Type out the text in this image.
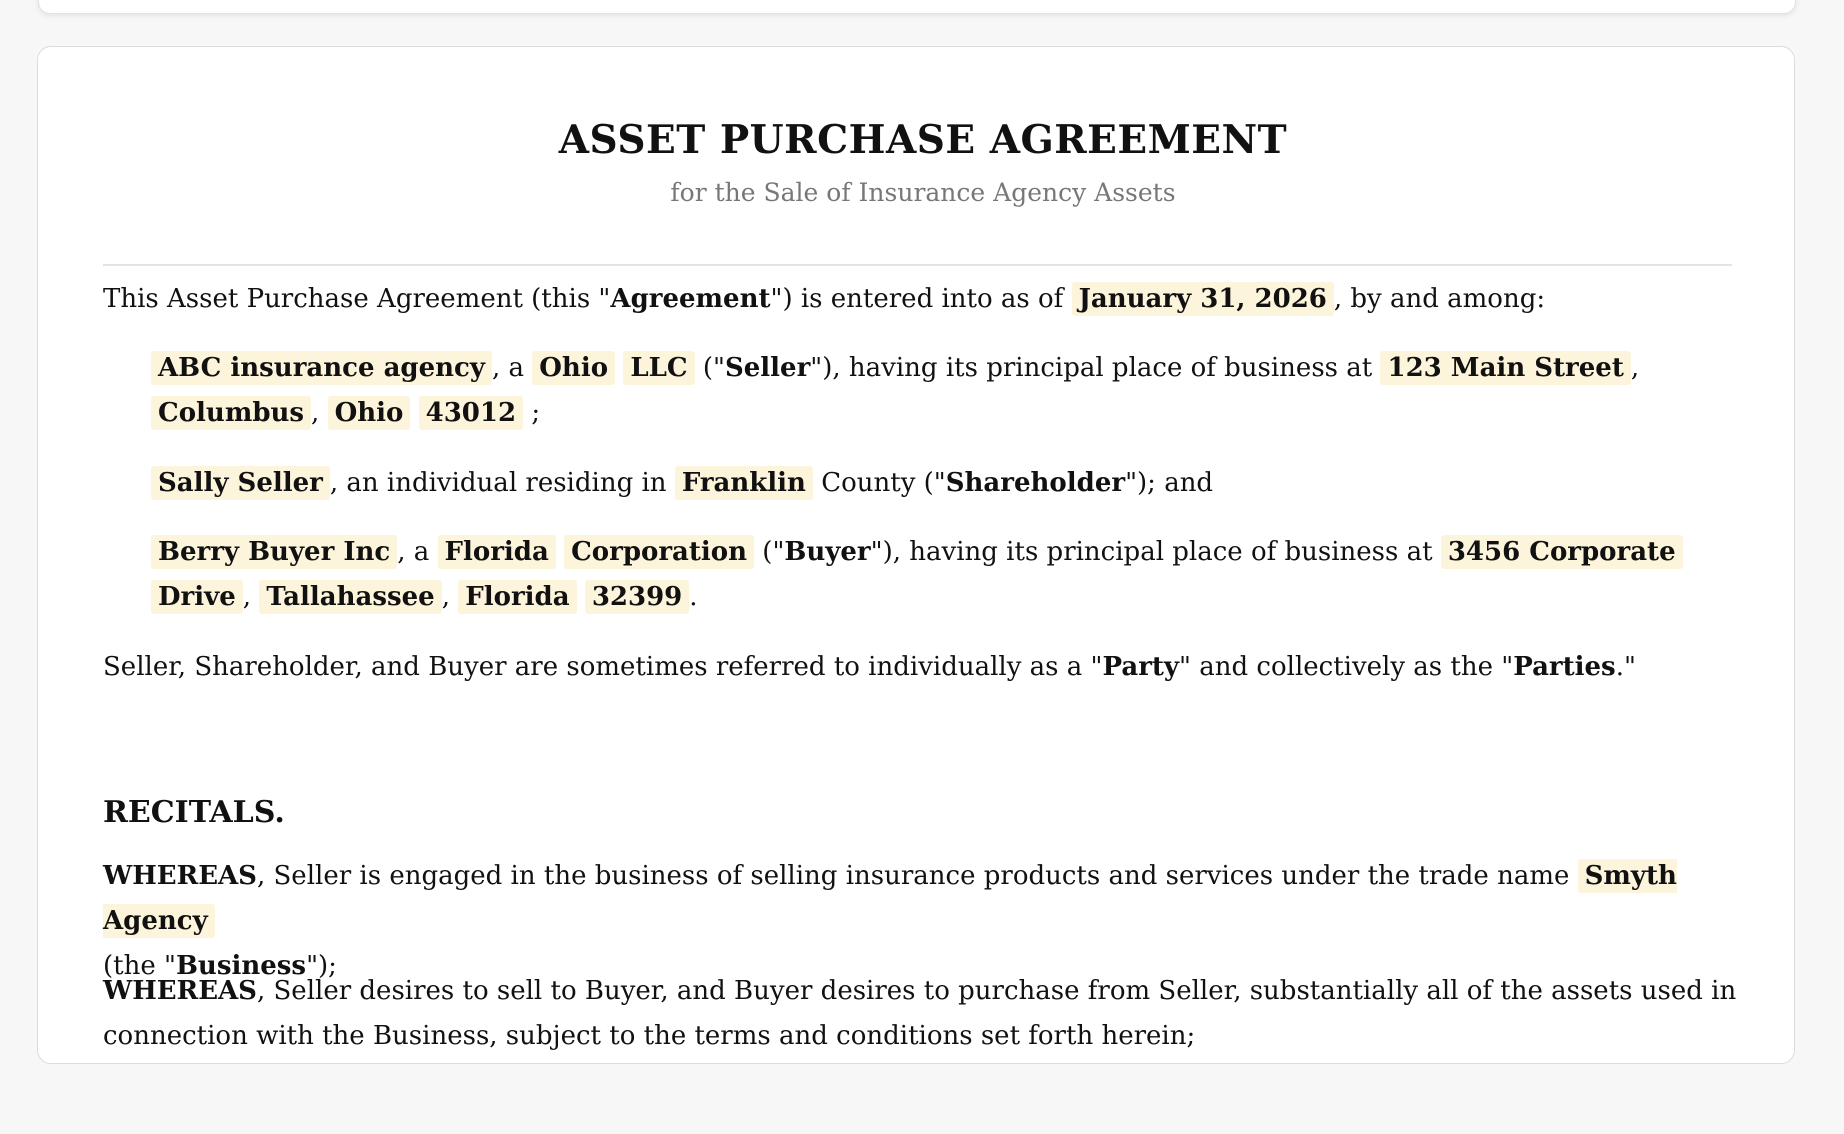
ASSET PURCHASE AGREEMENT

for the Sale of Insurance Agency Assets

This Asset Purchase Agreement (this "Agreement") is entered into as of January 31, 2026 , by and among:

ABC insurance agency , a Ohio LLC ("Seller"), having its principal place of business at 123 Main Street ,
Columbus , Ohio 43012 ;

Sally Seller , an individual residing in Franklin County ("Shareholder"); and

Berry Buyer Inc , a Florida Corporation ("Buyer"), having its principal place of business at 3456 Corporate
Drive , Tallahassee , Florida 32399 .

Seller, Shareholder, and Buyer are sometimes referred to individually as a "Party" and collectively as the "Parties."

RECITALS.

WHEREAS, Seller is engaged in the business of selling insurance products and services under the trade name Smyth Agency
(the "Business");

WHEREAS, Seller desires to sell to Buyer, and Buyer desires to purchase from Seller, substantially all of the assets used in connection with the Business, subject to the terms and conditions set forth herein;
